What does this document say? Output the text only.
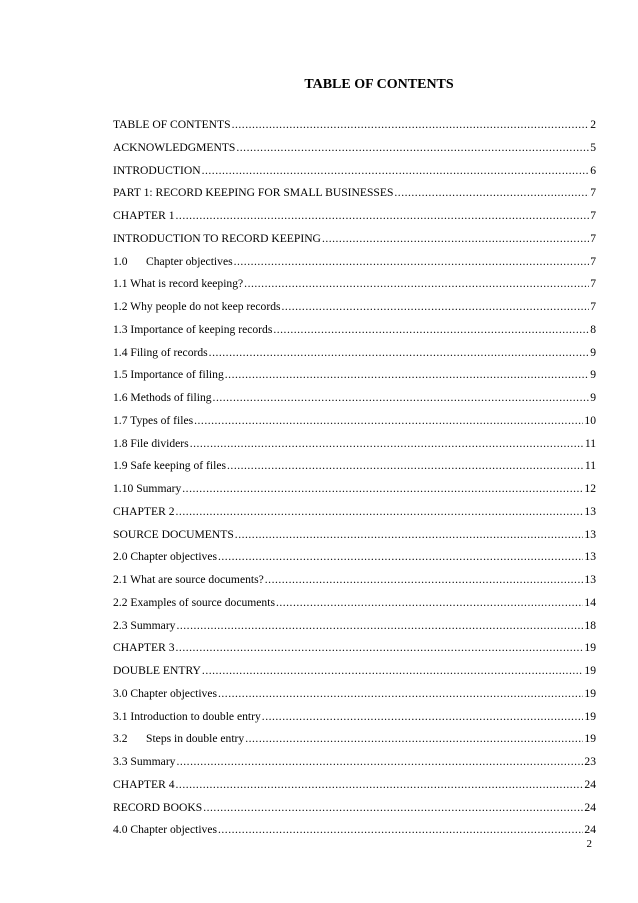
TABLE OF CONTENTS
TABLE OF CONTENTS .....	2
ACKNOWLEDGMENTS .....	5
INTRODUCTION .....	6
PART 1: RECORD KEEPING FOR SMALL BUSINESSES .....	7
CHAPTER 1 .....	7
INTRODUCTION TO RECORD KEEPING .....	7
1.0 Chapter objectives .....	7
1.1 What is record keeping? .....	7
1.2 Why people do not keep records .....	7
1.3 Importance of keeping records .....	8
1.4 Filing of records .....	9
1.5 Importance of filing .....	9
1.6 Methods of filing .....	9
1.7 Types of files .....	10
1.8 File dividers .....	11
1.9 Safe keeping of files .....	11
1.10 Summary .....	12
CHAPTER 2 .....	13
SOURCE DOCUMENTS .....	13
2.0 Chapter objectives .....	13
2.1 What are source documents? .....	13
2.2 Examples of source documents .....	14
2.3 Summary .....	18
CHAPTER 3 .....	19
DOUBLE ENTRY .....	19
3.0 Chapter objectives .....	19
3.1 Introduction to double entry .....	19
3.2 Steps in double entry .....	19
3.3 Summary .....	23
CHAPTER 4 .....	24
RECORD BOOKS .....	24
4.0 Chapter objectives .....	24
2
